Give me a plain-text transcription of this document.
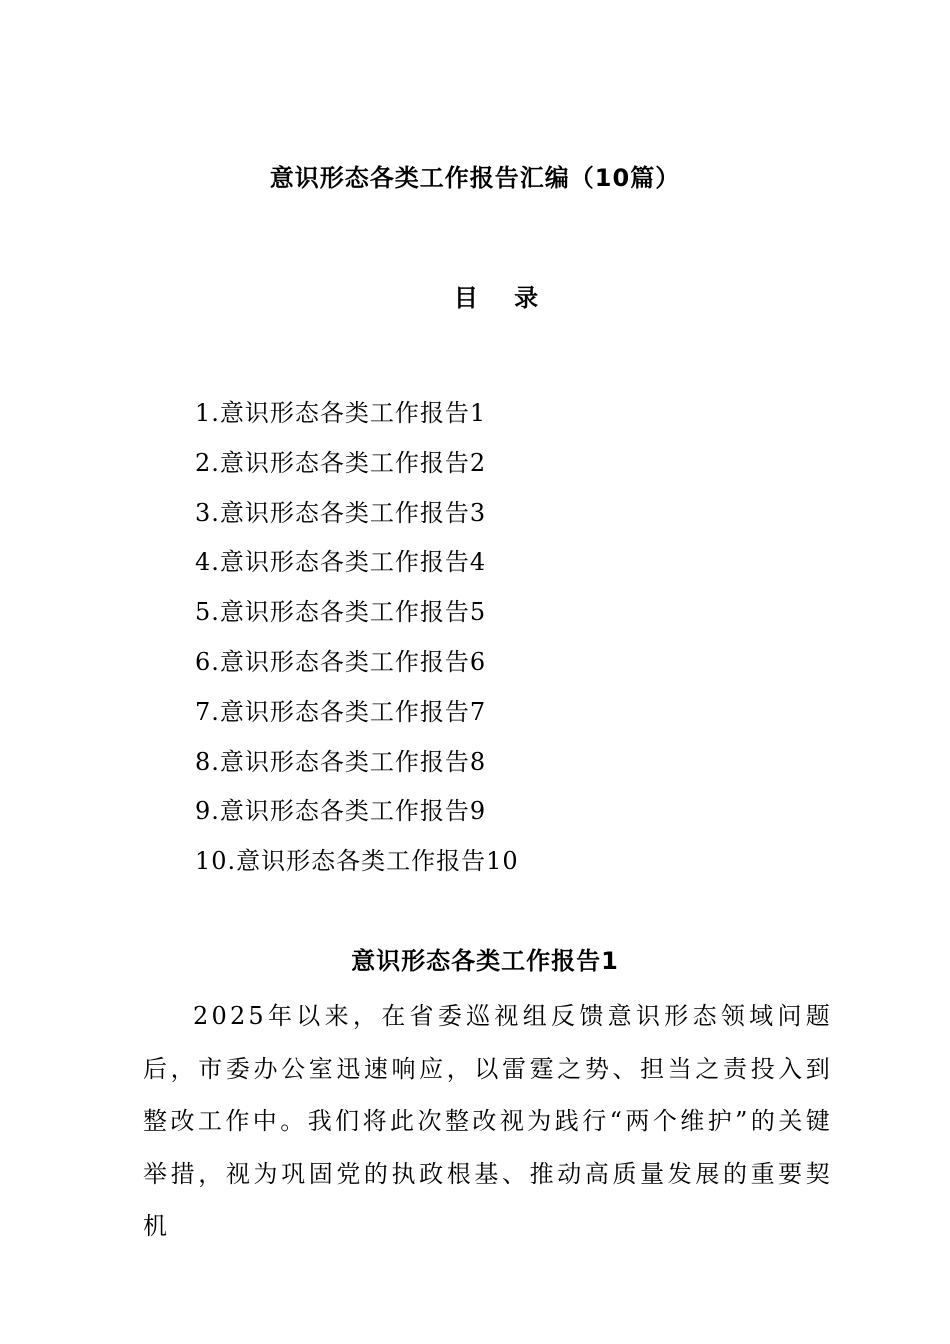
意识形态各类工作报告汇编（10篇）
目 录
1.意识形态各类工作报告1
2.意识形态各类工作报告2
3.意识形态各类工作报告3
4.意识形态各类工作报告4
5.意识形态各类工作报告5
6.意识形态各类工作报告6
7.意识形态各类工作报告7
8.意识形态各类工作报告8
9.意识形态各类工作报告9
10.意识形态各类工作报告10
意识形态各类工作报告1

2025年以来，在省委巡视组反馈意识形态领域问题后，市委办公室迅速响应，以雷霆之势、担当之责投入到整改工作中。我们将此次整改视为践行“两个维护”的关键举措，视为巩固党的执政根基、推动高质量发展的重要契机
